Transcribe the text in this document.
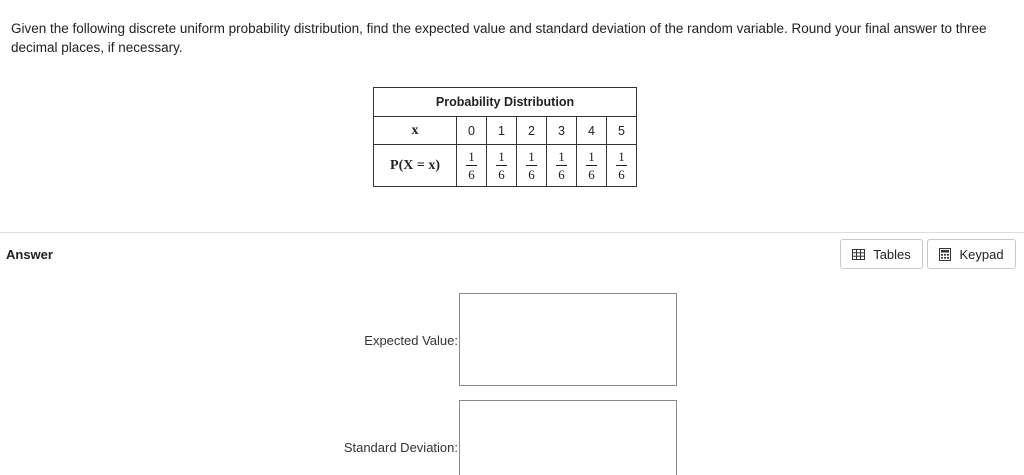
Given the following discrete uniform probability distribution, find the expected value and standard deviation of the random variable. Round your final answer to three decimal places, if necessary.
Probability Distribution						
x	0	1	2	3	4	5
P(X = x)	$\frac{1}{6}$	$\frac{1}{6}$	$\frac{1}{6}$	$\frac{1}{6}$	$\frac{1}{6}$	$\frac{1}{6}$
Answer	Tables	Keypad
Expected Value:
Standard Deviation:
